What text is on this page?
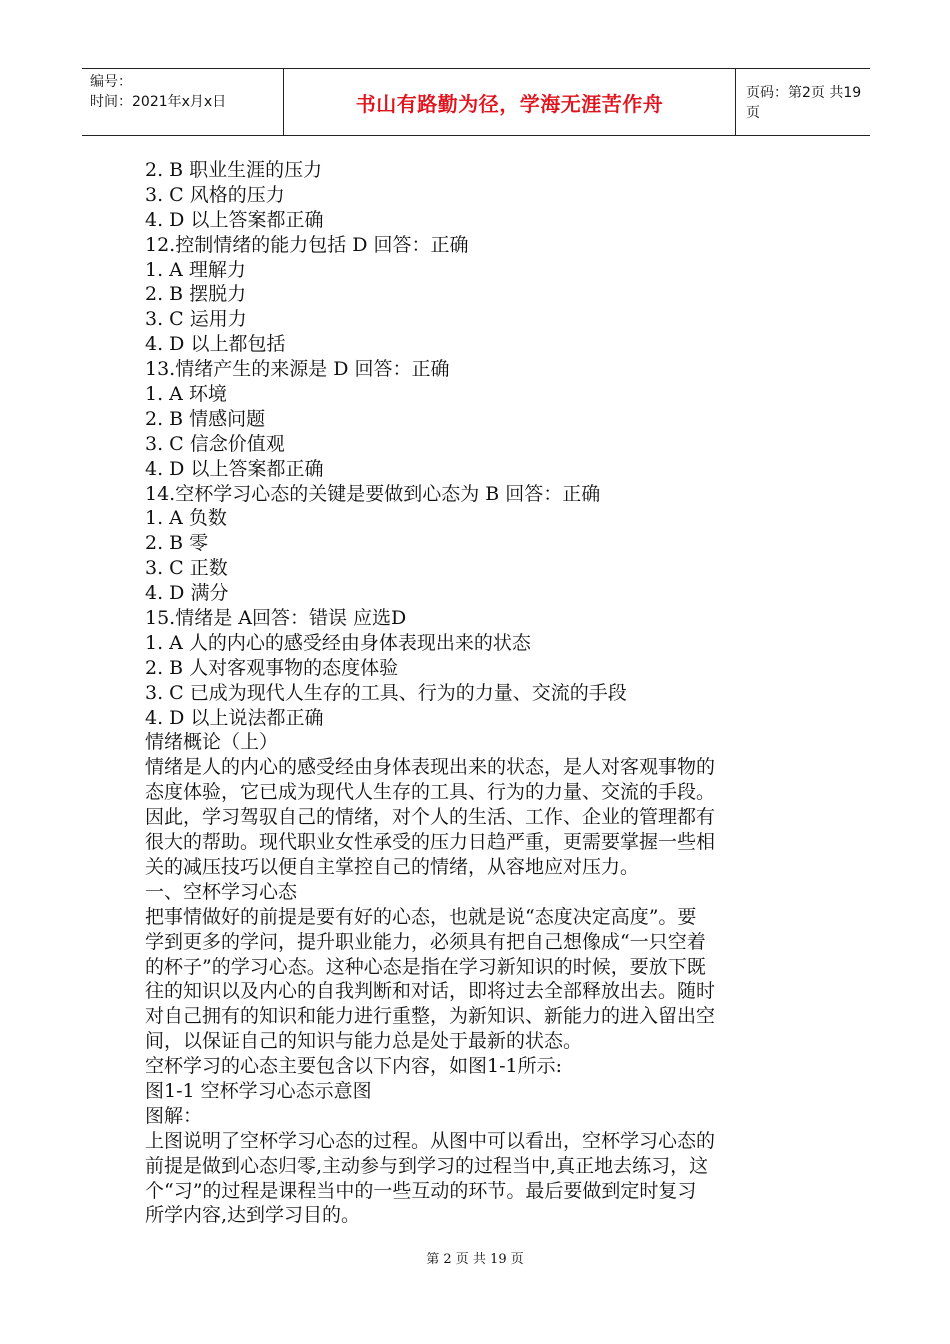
编号：
时间：2021年x月x日	书山有路勤为径，学海无涯苦作舟	页码：第2页 共19页
2. B 职业生涯的压力
3. C 风格的压力
4. D 以上答案都正确
12.控制情绪的能力包括 D 回答：正确
1. A 理解力
2. B 摆脱力
3. C 运用力
4. D 以上都包括
13.情绪产生的来源是 D 回答：正确
1. A 环境
2. B 情感问题
3. C 信念价值观
4. D 以上答案都正确
14.空杯学习心态的关键是要做到心态为 B 回答：正确
1. A 负数
2. B 零
3. C 正数
4. D 满分
15.情绪是 A回答：错误 应选D
1. A 人的内心的感受经由身体表现出来的状态
2. B 人对客观事物的态度体验
3. C 已成为现代人生存的工具、行为的力量、交流的手段
4. D 以上说法都正确
情绪概论（上）
情绪是人的内心的感受经由身体表现出来的状态，是人对客观事物的
态度体验，它已成为现代人生存的工具、行为的力量、交流的手段。
因此，学习驾驭自己的情绪，对个人的生活、工作、企业的管理都有
很大的帮助。现代职业女性承受的压力日趋严重，更需要掌握一些相
关的减压技巧以便自主掌控自己的情绪，从容地应对压力。
一、空杯学习心态
把事情做好的前提是要有好的心态，也就是说“态度决定高度”。要
学到更多的学问，提升职业能力，必须具有把自己想像成“一只空着
的杯子”的学习心态。这种心态是指在学习新知识的时候，要放下既
往的知识以及内心的自我判断和对话，即将过去全部释放出去。随时
对自己拥有的知识和能力进行重整，为新知识、新能力的进入留出空
间，以保证自己的知识与能力总是处于最新的状态。
空杯学习的心态主要包含以下内容，如图1-1所示:
图1-1 空杯学习心态示意图
图解：
上图说明了空杯学习心态的过程。从图中可以看出，空杯学习心态的
前提是做到心态归零,主动参与到学习的过程当中,真正地去练习，这
个“习”的过程是课程当中的一些互动的环节。最后要做到定时复习
所学内容,达到学习目的。
第 2 页 共 19 页
